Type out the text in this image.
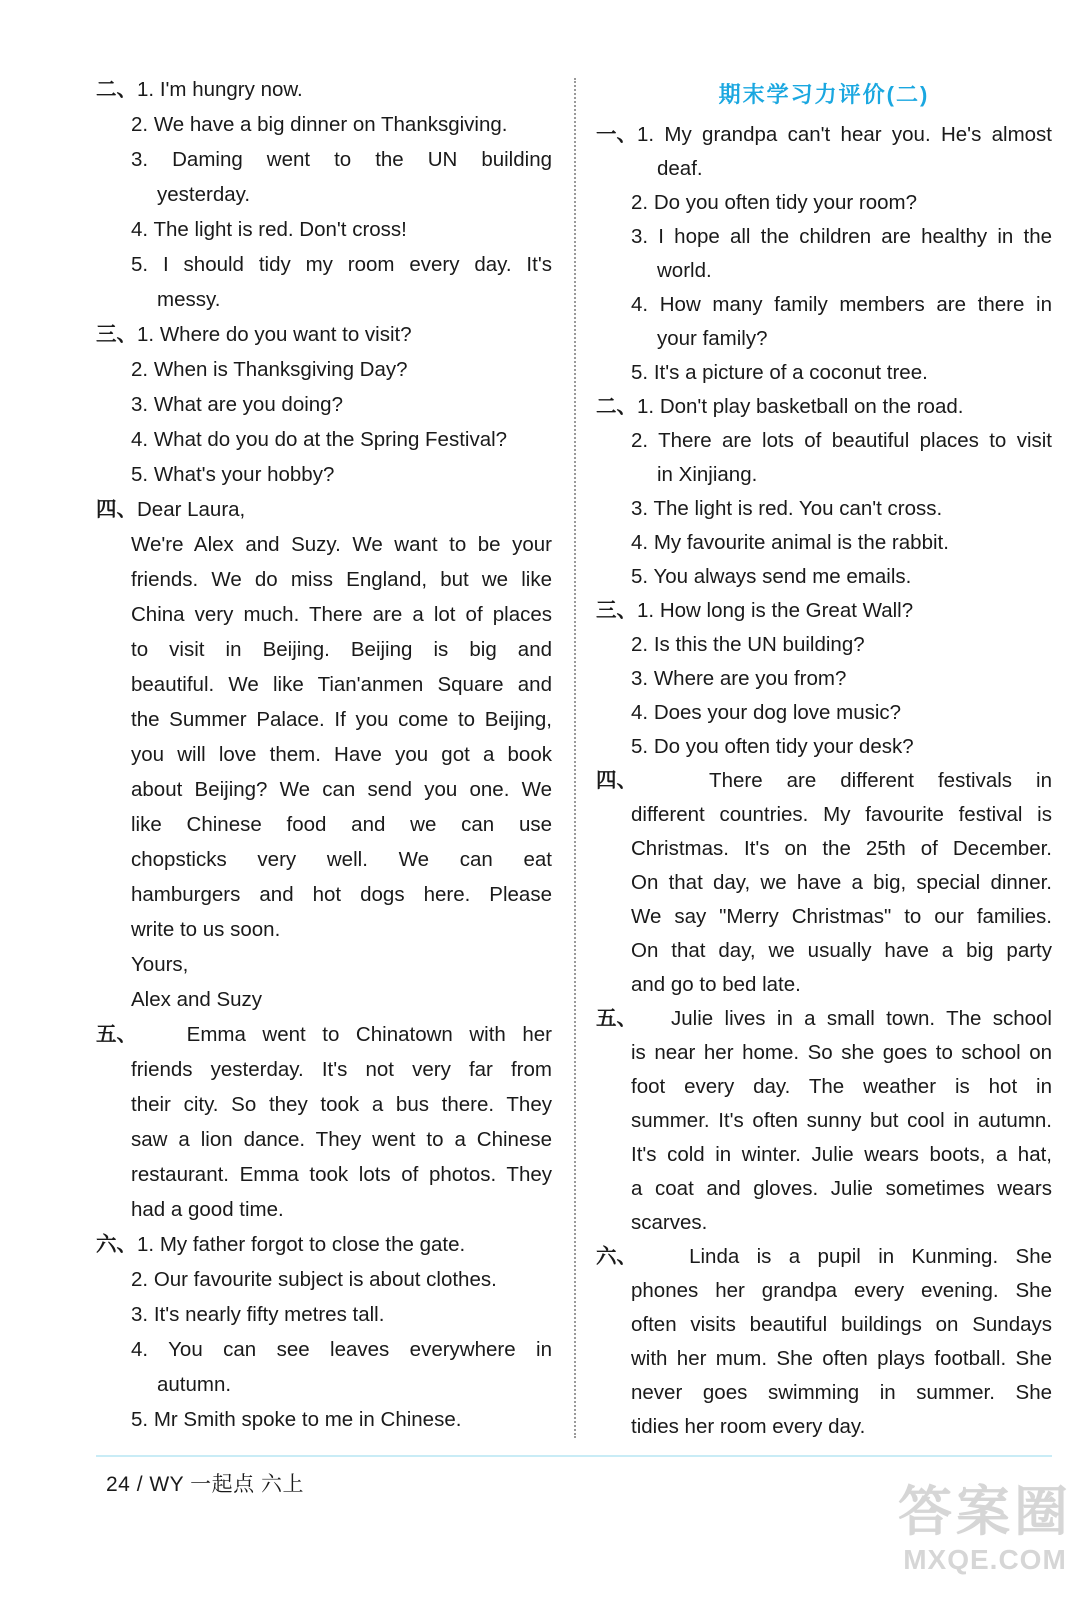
二、1. I'm hungry now.
2. We have a big dinner on Thanksgiving.
3. Daming went to the UN building
yesterday.
4. The light is red. Don't cross!
5. I should tidy my room every day. It's
messy.
三、1. Where do you want to visit?
2. When is Thanksgiving Day?
3. What are you doing?
4. What do you do at the Spring Festival?
5. What's your hobby?
四、Dear Laura,
We're Alex and Suzy. We want to be your
friends. We do miss England, but we like
China very much. There are a lot of places
to visit in Beijing. Beijing is big and
beautiful. We like Tian'anmen Square and
the Summer Palace. If you come to Beijing,
you will love them. Have you got a book
about Beijing? We can send you one. We
like Chinese food and we can use
chopsticks very well. We can eat
hamburgers and hot dogs here. Please
write to us soon.
Yours,
Alex and Suzy
五、 Emma went to Chinatown with her
friends yesterday. It's not very far from
their city. So they took a bus there. They
saw a lion dance. They went to a Chinese
restaurant. Emma took lots of photos. They
had a good time.
六、1. My father forgot to close the gate.
2. Our favourite subject is about clothes.
3. It's nearly fifty metres tall.
4. You can see leaves everywhere in
autumn.
5. Mr Smith spoke to me in Chinese.
期末学习力评价(二)
一、1. My grandpa can't hear you. He's almost
deaf.
2. Do you often tidy your room?
3. I hope all the children are healthy in the
world.
4. How many family members are there in
your family?
5. It's a picture of a coconut tree.
二、1. Don't play basketball on the road.
2. There are lots of beautiful places to visit
in Xinjiang.
3. The light is red. You can't cross.
4. My favourite animal is the rabbit.
5. You always send me emails.
三、1. How long is the Great Wall?
2. Is this the UN building?
3. Where are you from?
4. Does your dog love music?
5. Do you often tidy your desk?
四、	There are different festivals in
different countries. My favourite festival is
Christmas. It's on the 25th of December.
On that day, we have a big, special dinner.
We say "Merry Christmas" to our families.
On that day, we usually have a big party
and go to bed late.
五、 Julie lives in a small town. The school
is near her home. So she goes to school on
foot every day. The weather is hot in
summer. It's often sunny but cool in autumn.
It's cold in winter. Julie wears boots, a hat,
a coat and gloves. Julie sometimes wears
scarves.
六、	Linda is a pupil in Kunming. She
phones her grandpa every evening. She
often visits beautiful buildings on Sundays
with her mum. She often plays football. She
never goes swimming in summer. She
tidies her room every day.
24 / WY 一起点 六上	答案圈
MXQE.COM
